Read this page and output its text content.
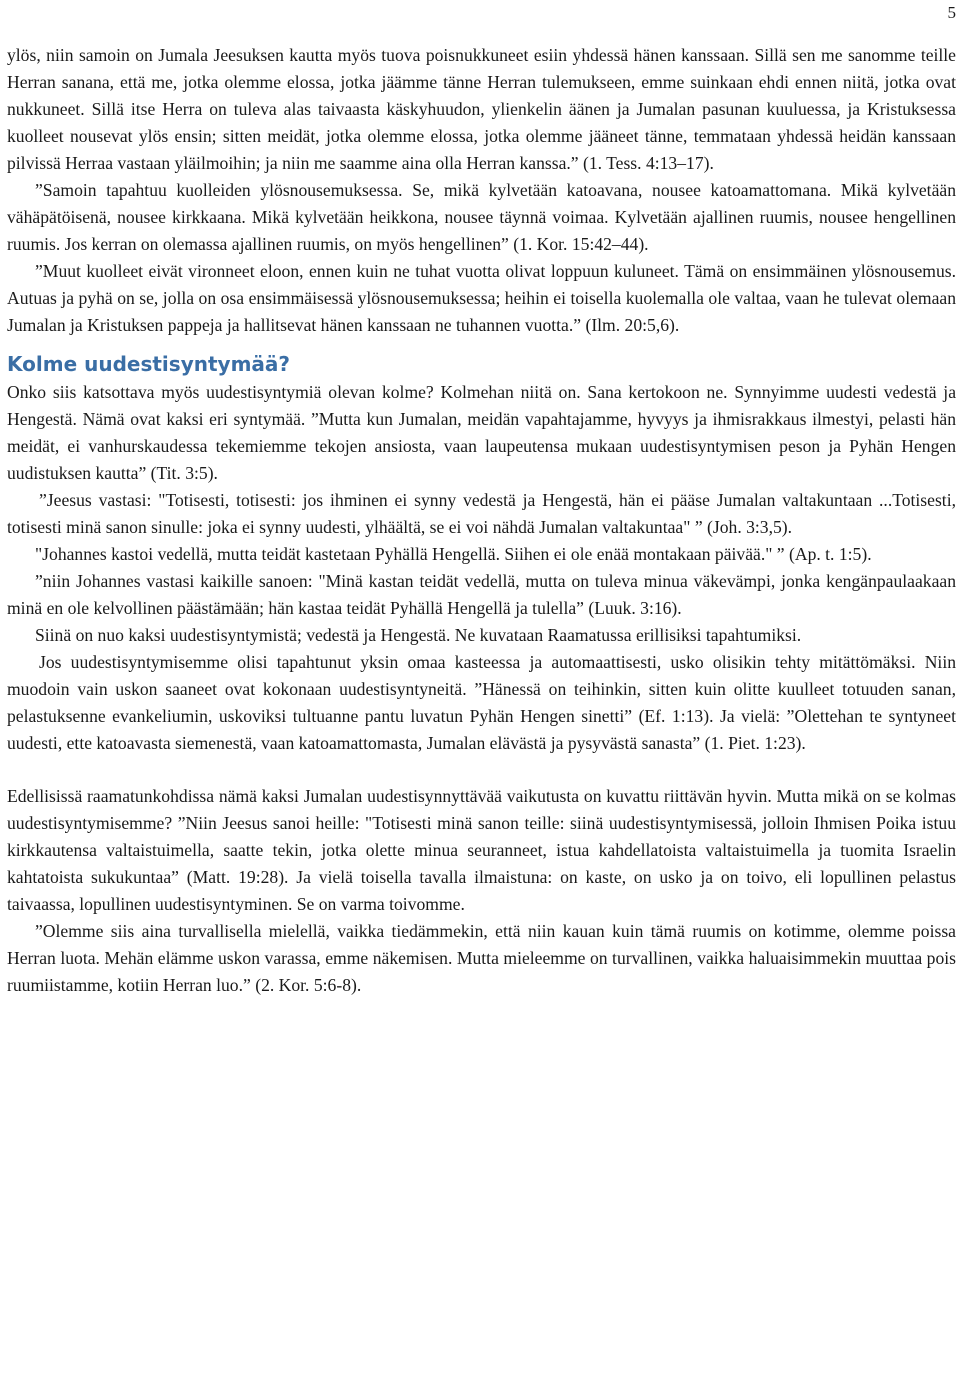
5

ylös, niin samoin on Jumala Jeesuksen kautta myös tuova poisnukkuneet esiin yhdessä hänen kanssaan. Sillä sen me sanomme teille Herran sanana, että me, jotka olemme elossa, jotka jäämme tänne Herran tulemukseen, emme suinkaan ehdi ennen niitä, jotka ovat nukkuneet. Sillä itse Herra on tuleva alas taivaasta käskyhuudon, ylienkelin äänen ja Jumalan pasunan kuuluessa, ja Kristuksessa kuolleet nousevat ylös ensin; sitten meidät, jotka olemme elossa, jotka olemme jääneet tänne, temmataan yhdessä heidän kanssaan pilvissä Herraa vastaan yläilmoihin; ja niin me saamme aina olla Herran kanssa.” (1. Tess. 4:13–17).

”Samoin tapahtuu kuolleiden ylösnousemuksessa. Se, mikä kylvetään katoavana, nousee katoamattomana. Mikä kylvetään vähäpätöisenä, nousee kirkkaana. Mikä kylvetään heikkona, nousee täynnä voimaa. Kylvetään ajallinen ruumis, nousee hengellinen ruumis. Jos kerran on olemassa ajallinen ruumis, on myös hengellinen” (1. Kor. 15:42–44).

”Muut kuolleet eivät vironneet eloon, ennen kuin ne tuhat vuotta olivat loppuun kuluneet. Tämä on ensimmäinen ylösnousemus. Autuas ja pyhä on se, jolla on osa ensimmäisessä ylösnousemuksessa; heihin ei toisella kuolemalla ole valtaa, vaan he tulevat olemaan Jumalan ja Kristuksen pappeja ja hallitsevat hänen kanssaan ne tuhannen vuotta.” (Ilm. 20:5,6).

Kolme uudestisyntymää?

Onko siis katsottava myös uudestisyntymiä olevan kolme? Kolmehan niitä on. Sana kertokoon ne. Synnyimme uudesti vedestä ja Hengestä. Nämä ovat kaksi eri syntymää. ”Mutta kun Jumalan, meidän vapahtajamme, hyvyys ja ihmisrakkaus ilmestyi, pelasti hän meidät, ei vanhurskaudessa tekemiemme tekojen ansiosta, vaan laupeutensa mukaan uudestisyntymisen peson ja Pyhän Hengen uudistuksen kautta” (Tit. 3:5).

”Jeesus vastasi: "Totisesti, totisesti: jos ihminen ei synny vedestä ja Hengestä, hän ei pääse Jumalan valtakuntaan ...Totisesti, totisesti minä sanon sinulle: joka ei synny uudesti, ylhäältä, se ei voi nähdä Jumalan valtakuntaa" ” (Joh. 3:3,5).

"Johannes kastoi vedellä, mutta teidät kastetaan Pyhällä Hengellä. Siihen ei ole enää montakaan päivää." ” (Ap. t. 1:5).

”niin Johannes vastasi kaikille sanoen: "Minä kastan teidät vedellä, mutta on tuleva minua väkevämpi, jonka kengänpaulaakaan minä en ole kelvollinen päästämään; hän kastaa teidät Pyhällä Hengellä ja tulella” (Luuk. 3:16).

Siinä on nuo kaksi uudestisyntymistä; vedestä ja Hengestä. Ne kuvataan Raamatussa erillisiksi tapahtumiksi.

Jos uudestisyntymisemme olisi tapahtunut yksin omaa kasteessa ja automaattisesti, usko olisikin tehty mitättömäksi. Niin muodoin vain uskon saaneet ovat kokonaan uudestisyntyneitä. ”Hänessä on teihinkin, sitten kuin olitte kuulleet totuuden sanan, pelastuksenne evankeliumin, uskoviksi tultuanne pantu luvatun Pyhän Hengen sinetti” (Ef. 1:13). Ja vielä: ”Olettehan te syntyneet uudesti, ette katoavasta siemenestä, vaan katoamattomasta, Jumalan elävästä ja pysyvästä sanasta” (1. Piet. 1:23).

Edellisissä raamatunkohdissa nämä kaksi Jumalan uudestisynnyttävää vaikutusta on kuvattu riittävän hyvin. Mutta mikä on se kolmas uudestisyntymisemme? ”Niin Jeesus sanoi heille: "Totisesti minä sanon teille: siinä uudestisyntymisessä, jolloin Ihmisen Poika istuu kirkkautensa valtaistuimella, saatte tekin, jotka olette minua seuranneet, istua kahdellatoista valtaistuimella ja tuomita Israelin kahtatoista sukukuntaa” (Matt. 19:28). Ja vielä toisella tavalla ilmaistuna: on kaste, on usko ja on toivo, eli lopullinen pelastus taivaassa, lopullinen uudestisyntyminen. Se on varma toivomme.

”Olemme siis aina turvallisella mielellä, vaikka tiedämmekin, että niin kauan kuin tämä ruumis on kotimme, olemme poissa Herran luota. Mehän elämme uskon varassa, emme näkemisen. Mutta mieleemme on turvallinen, vaikka haluaisimmekin muuttaa pois ruumiistamme, kotiin Herran luo.” (2. Kor. 5:6-8).
